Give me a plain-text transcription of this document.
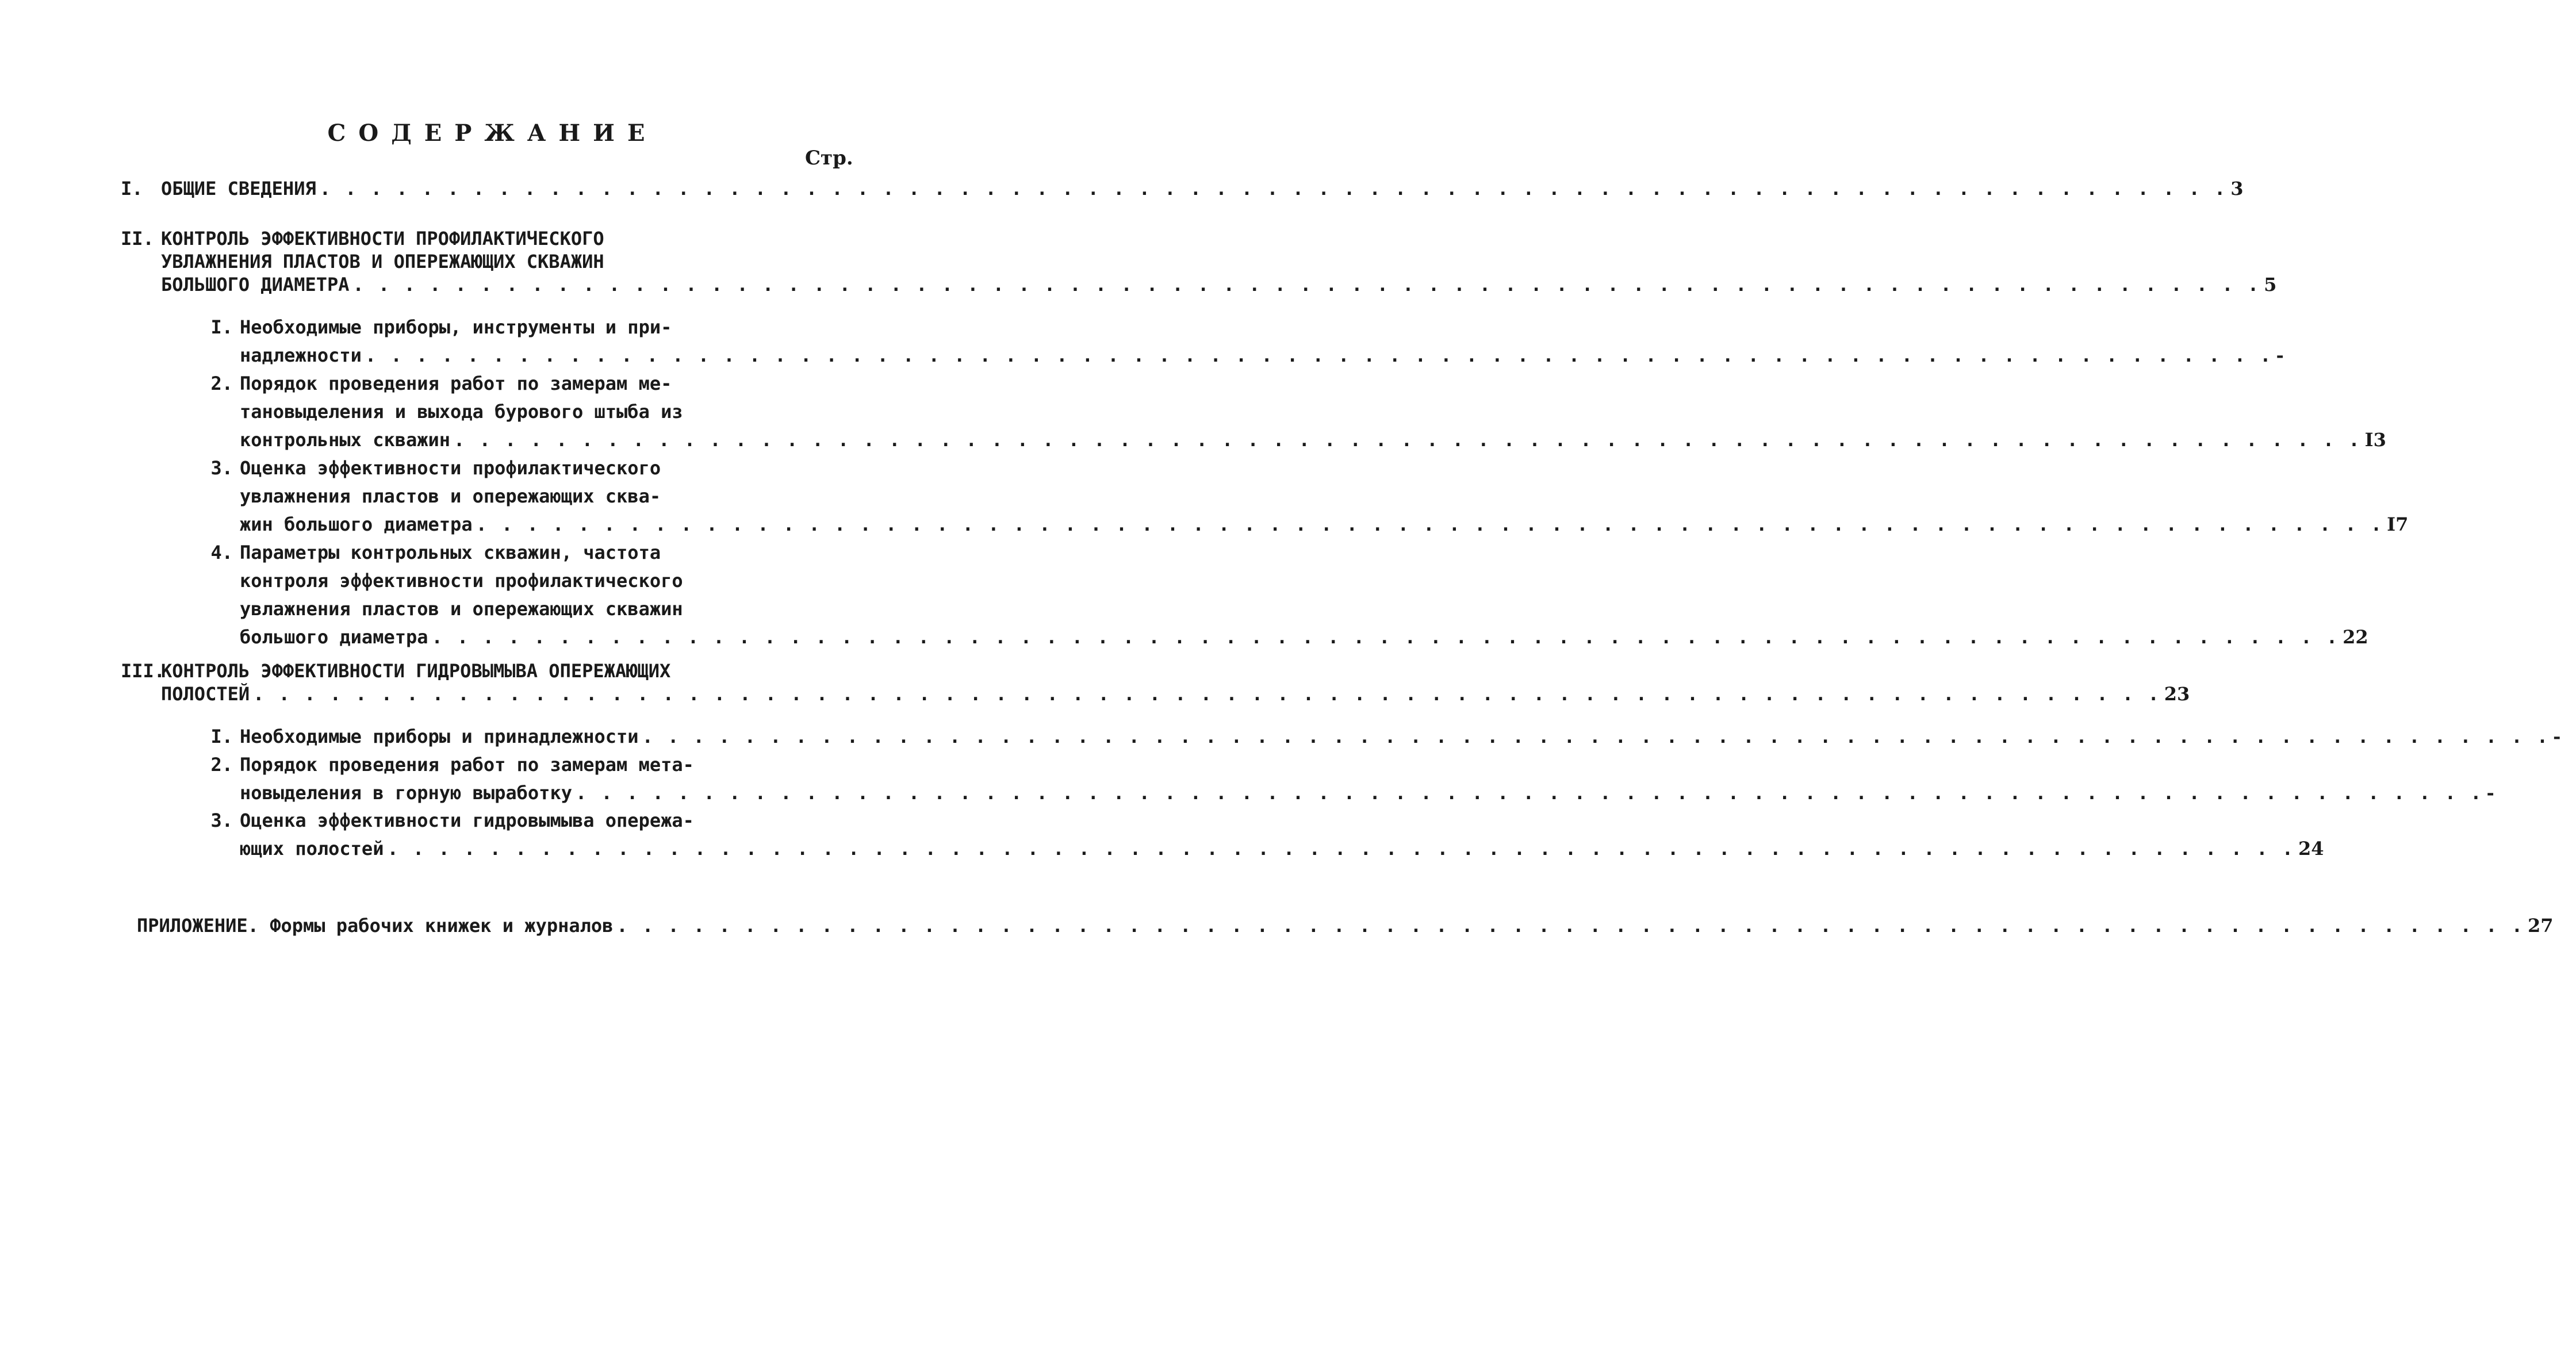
СОДЕРЖАНИЕ
Стр.
I. ОБЩИЕ СВЕДЕНИЯ . . . . . . . . . . . . . . . . . . . . . . . . . . . . . . . . . . . . . . . . . . . . . . . . . . . . . . . . . . . . . . . . . . . . . . . . . . . 3
II. КОНТРОЛЬ ЭФФЕКТИВНОСТИ ПРОФИЛАКТИЧЕСКОГО
УВЛАЖНЕНИЯ ПЛАСТОВ И ОПЕРЕЖАЮЩИХ СКВАЖИН
БОЛЬШОГО ДИАМЕТРА . . . . . . . . . . . . . . . . . . . . . . . . . . . . . . . . . . . . . . . . . . . . . . . . . . . . . . . . . . . . . . . . . . . . . . . . . . . 5
I. Необходимые приборы, инструменты и при-
надлежности . . . . . . . . . . . . . . . . . . . . . . . . . . . . . . . . . . . . . . . . . . . . . . . . . . . . . . . . . . . . . . . . . . . . . . . . . . . -
2. Порядок проведения работ по замерам ме-
тановыделения и выхода бурового штыба из
контрольных скважин . . . . . . . . . . . . . . . . . . . . . . . . . . . . . . . . . . . . . . . . . . . . . . . . . . . . . . . . . . . . . . . . . . . . . . . . . . . I3
3. Оценка эффективности профилактического
увлажнения пластов и опережающих сква-
жин большого диаметра . . . . . . . . . . . . . . . . . . . . . . . . . . . . . . . . . . . . . . . . . . . . . . . . . . . . . . . . . . . . . . . . . . . . . . . . . . . I7
4. Параметры контрольных скважин, частота
контроля эффективности профилактического
увлажнения пластов и опережающих скважин
большого диаметра . . . . . . . . . . . . . . . . . . . . . . . . . . . . . . . . . . . . . . . . . . . . . . . . . . . . . . . . . . . . . . . . . . . . . . . . . . . 22
III.
КОНТРОЛЬ ЭФФЕКТИВНОСТИ ГИДРОВЫМЫВА ОПЕРЕЖАЮЩИХ
ПОЛОСТЕЙ . . . . . . . . . . . . . . . . . . . . . . . . . . . . . . . . . . . . . . . . . . . . . . . . . . . . . . . . . . . . . . . . . . . . . . . . . . . 23
I. Необходимые приборы и принадлежности . . . . . . . . . . . . . . . . . . . . . . . . . . . . . . . . . . . . . . . . . . . . . . . . . . . . . . . . . . . . . . . . . . . . . . . . . . . -
2. Порядок проведения работ по замерам мета-
новыделения в горную выработку . . . . . . . . . . . . . . . . . . . . . . . . . . . . . . . . . . . . . . . . . . . . . . . . . . . . . . . . . . . . . . . . . . . . . . . . . . . -
3. Оценка эффективности гидровымыва опережа-
ющих полостей . . . . . . . . . . . . . . . . . . . . . . . . . . . . . . . . . . . . . . . . . . . . . . . . . . . . . . . . . . . . . . . . . . . . . . . . . . . 24
ПРИЛОЖЕНИЕ. Формы рабочих книжек и журналов . . . . . . . . . . . . . . . . . . . . . . . . . . . . . . . . . . . . . . . . . . . . . . . . . . . . . . . . . . . . . . . . . . . . . . . . . . . 27
